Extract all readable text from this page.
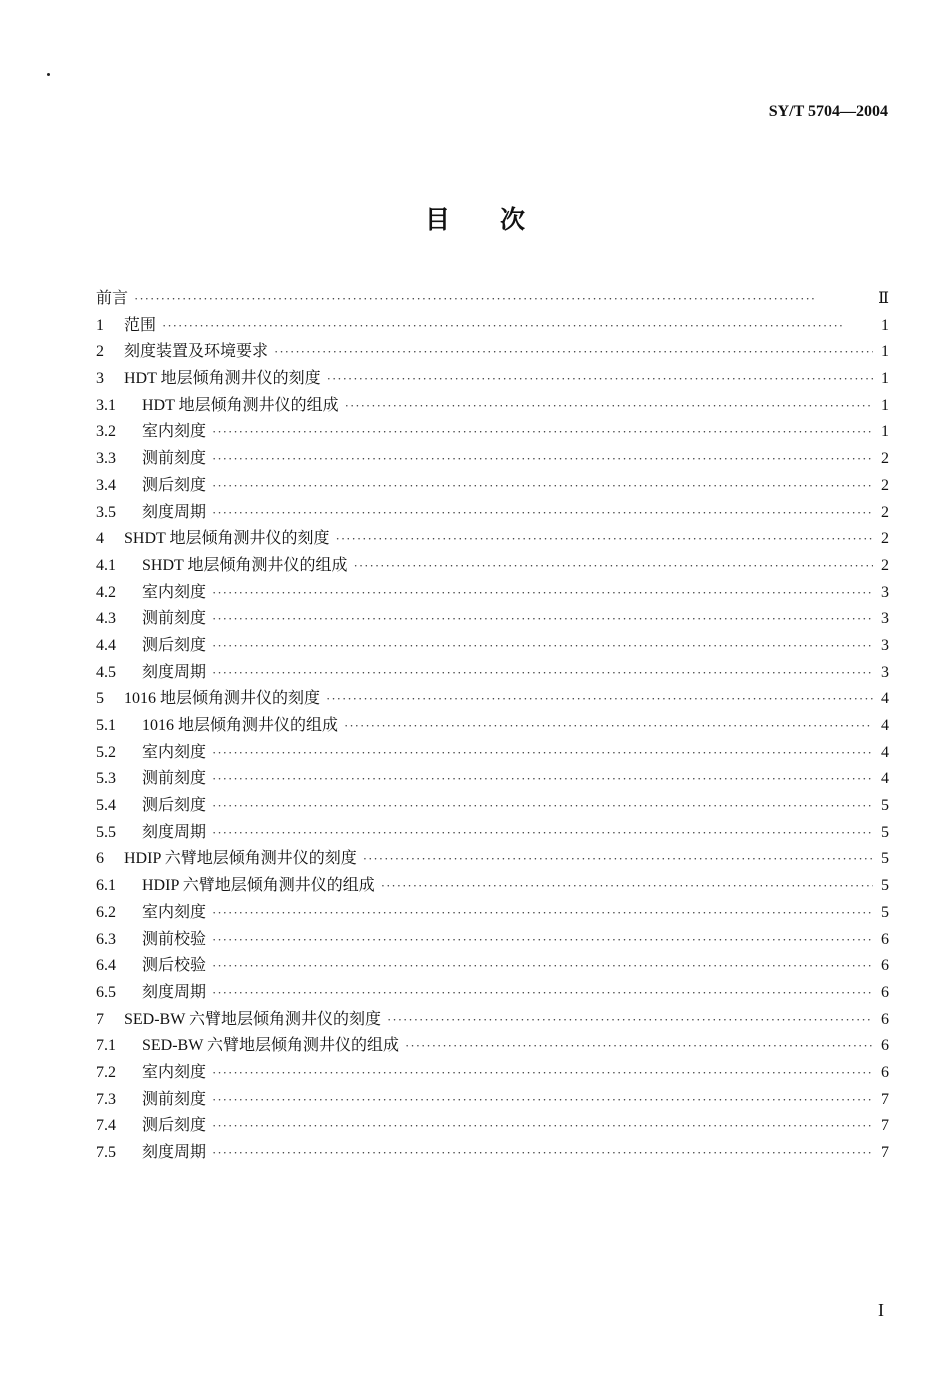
SY/T 5704—2004
目次
前言 ·····	Ⅱ
1	范围 ·····	1
2	刻度装置及环境要求 ·····	1
3	HDT 地层倾角测井仪的刻度 ·····	1
3.1	HDT 地层倾角测井仪的组成 ·····	1
3.2	室内刻度 ·····	1
3.3	测前刻度 ·····	2
3.4	测后刻度 ·····	2
3.5	刻度周期 ·····	2
4	SHDT 地层倾角测井仪的刻度 ·····	2
4.1	SHDT 地层倾角测井仪的组成 ·····	2
4.2	室内刻度 ·····	3
4.3	测前刻度 ·····	3
4.4	测后刻度 ·····	3
4.5	刻度周期 ·····	3
5	1016 地层倾角测井仪的刻度 ·····	4
5.1	1016 地层倾角测井仪的组成 ·····	4
5.2	室内刻度 ·····	4
5.3	测前刻度 ·····	4
5.4	测后刻度 ·····	5
5.5	刻度周期 ·····	5
6	HDIP 六臂地层倾角测井仪的刻度 ·····	5
6.1	HDIP 六臂地层倾角测井仪的组成 ·····	5
6.2	室内刻度 ·····	5
6.3	测前校验 ·····	6
6.4	测后校验 ·····	6
6.5	刻度周期 ·····	6
7	SED-BW 六臂地层倾角测井仪的刻度 ·····	6
7.1	SED-BW 六臂地层倾角测井仪的组成 ·····	6
7.2	室内刻度 ·····	6
7.3	测前刻度 ·····	7
7.4	测后刻度 ·····	7
7.5	刻度周期 ·····	7
I
